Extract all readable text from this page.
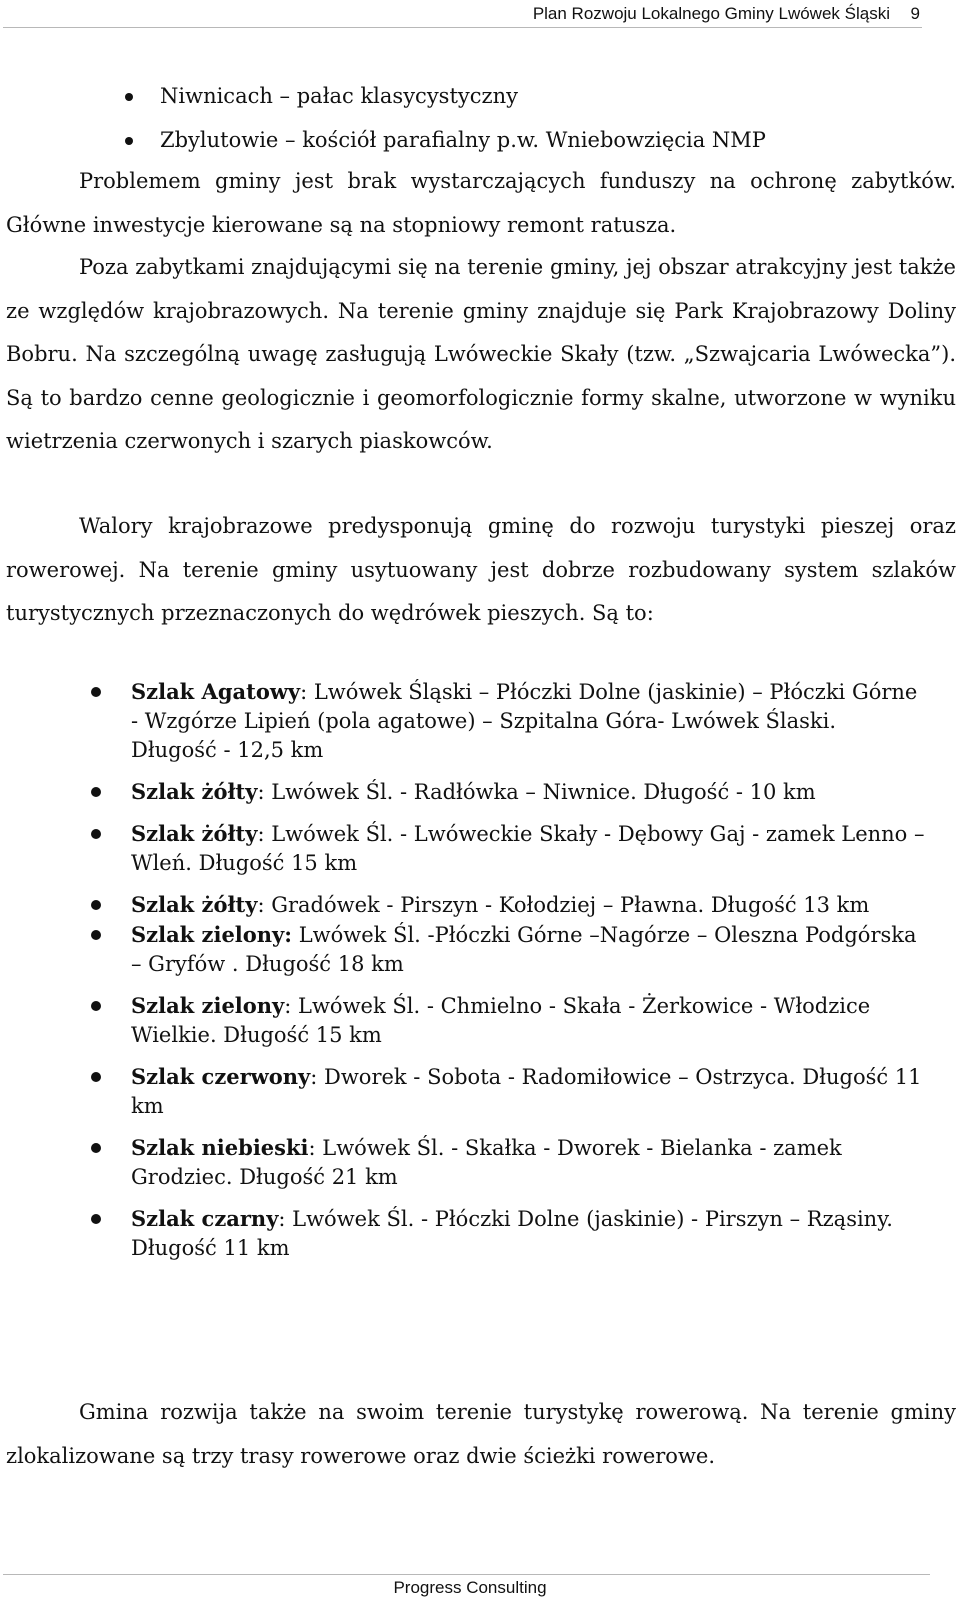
Plan Rozwoju Lokalnego Gminy Lwówek Śląski 9
Niwnicach – pałac klasycystyczny
Zbylutowie – kościół parafialny p.w. Wniebowzięcia NMP

Problemem gminy jest brak wystarczających funduszy na ochronę zabytków. Główne inwestycje kierowane są na stopniowy remont ratusza.

Poza zabytkami znajdującymi się na terenie gminy, jej obszar atrakcyjny jest także ze względów krajobrazowych. Na terenie gminy znajduje się Park Krajobrazowy Doliny Bobru. Na szczególną uwagę zasługują Lwóweckie Skały (tzw. „Szwajcaria Lwówecka”). Są to bardzo cenne geologicznie i geomorfologicznie formy skalne, utworzone w wyniku wietrzenia czerwonych i szarych piaskowców.

Walory krajobrazowe predysponują gminę do rozwoju turystyki pieszej oraz rowerowej. Na terenie gminy usytuowany jest dobrze rozbudowany system szlaków turystycznych przeznaczonych do wędrówek pieszych. Są to:

Szlak Agatowy: Lwówek Śląski – Płóczki Dolne (jaskinie) – Płóczki Górne - Wzgórze Lipień (pola agatowe) – Szpitalna Góra- Lwówek Ślaski. Długość - 12,5 km
Szlak żółty: Lwówek Śl. - Radłówka – Niwnice. Długość - 10 km
Szlak żółty: Lwówek Śl. - Lwóweckie Skały - Dębowy Gaj - zamek Lenno – Wleń. Długość 15 km
Szlak żółty: Gradówek - Pirszyn - Kołodziej – Pławna. Długość 13 km
Szlak zielony: Lwówek Śl. -Płóczki Górne –Nagórze – Oleszna Podgórska – Gryfów . Długość 18 km
Szlak zielony: Lwówek Śl. - Chmielno - Skała - Żerkowice - Włodzice Wielkie. Długość 15 km
Szlak czerwony: Dworek - Sobota - Radomiłowice – Ostrzyca. Długość 11 km
Szlak niebieski: Lwówek Śl. - Skałka - Dworek - Bielanka - zamek Grodziec. Długość 21 km
Szlak czarny: Lwówek Śl. - Płóczki Dolne (jaskinie) - Pirszyn – Rząsiny. Długość 11 km

Gmina rozwija także na swoim terenie turystykę rowerową. Na terenie gminy zlokalizowane są trzy trasy rowerowe oraz dwie ścieżki rowerowe.

Progress Consulting
